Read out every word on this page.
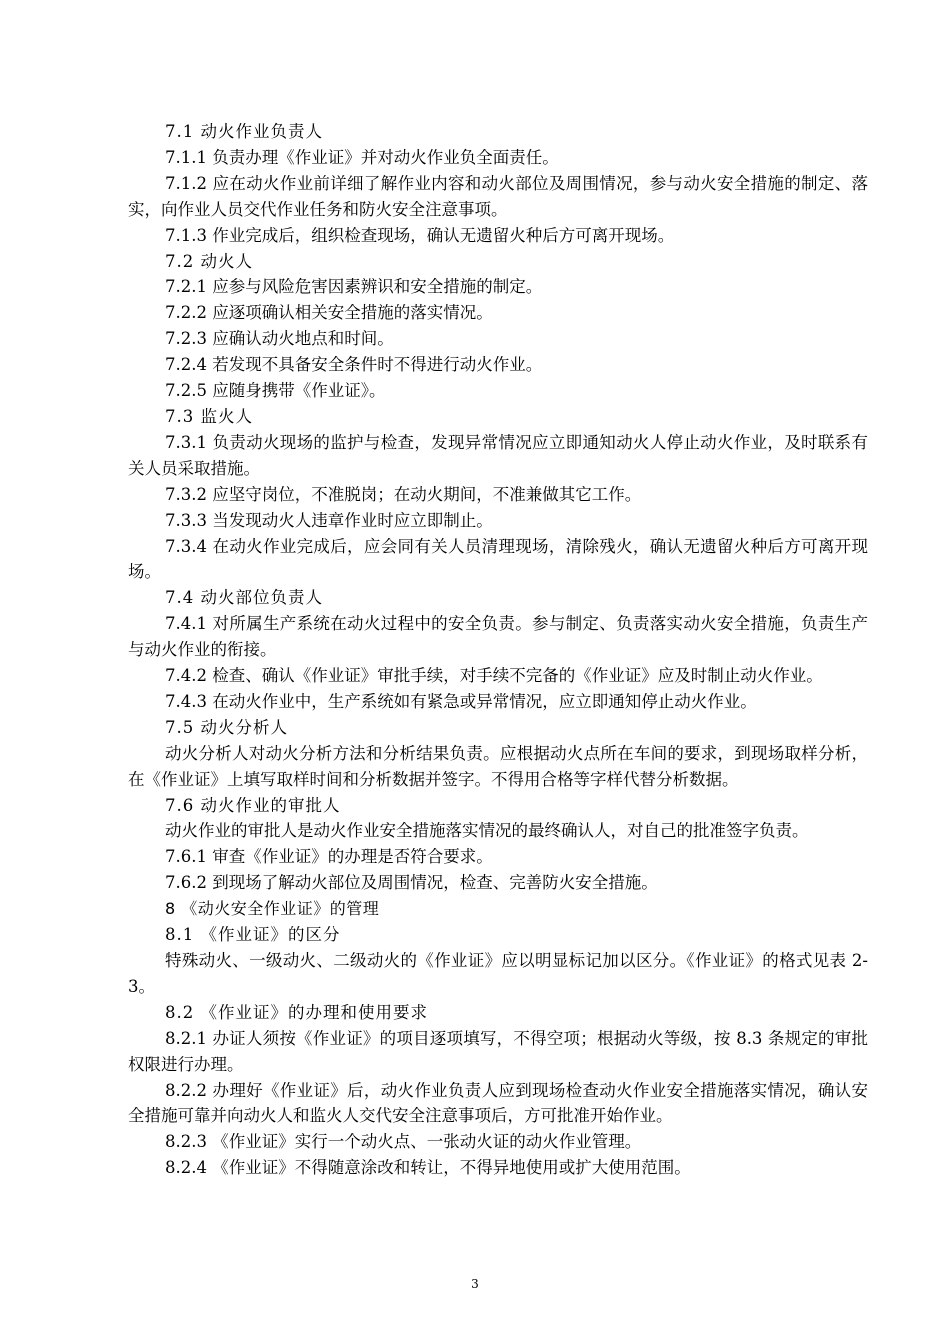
7.1 动火作业负责人

7.1.1 负责办理《作业证》并对动火作业负全面责任。

7.1.2 应在动火作业前详细了解作业内容和动火部位及周围情况，参与动火安全措施的制定、落实，向作业人员交代作业任务和防火安全注意事项。

7.1.3 作业完成后，组织检查现场，确认无遗留火种后方可离开现场。

7.2 动火人

7.2.1 应参与风险危害因素辨识和安全措施的制定。

7.2.2 应逐项确认相关安全措施的落实情况。

7.2.3 应确认动火地点和时间。

7.2.4 若发现不具备安全条件时不得进行动火作业。

7.2.5 应随身携带《作业证》。

7.3 监火人

7.3.1 负责动火现场的监护与检查，发现异常情况应立即通知动火人停止动火作业，及时联系有关人员采取措施。

7.3.2 应坚守岗位，不准脱岗；在动火期间，不准兼做其它工作。

7.3.3 当发现动火人违章作业时应立即制止。

7.3.4 在动火作业完成后，应会同有关人员清理现场，清除残火，确认无遗留火种后方可离开现场。

7.4 动火部位负责人

7.4.1 对所属生产系统在动火过程中的安全负责。参与制定、负责落实动火安全措施，负责生产与动火作业的衔接。

7.4.2 检查、确认《作业证》审批手续，对手续不完备的《作业证》应及时制止动火作业。

7.4.3 在动火作业中，生产系统如有紧急或异常情况，应立即通知停止动火作业。

7.5 动火分析人

动火分析人对动火分析方法和分析结果负责。应根据动火点所在车间的要求，到现场取样分析，在《作业证》上填写取样时间和分析数据并签字。不得用合格等字样代替分析数据。

7.6 动火作业的审批人

动火作业的审批人是动火作业安全措施落实情况的最终确认人，对自己的批准签字负责。

7.6.1 审查《作业证》的办理是否符合要求。

7.6.2 到现场了解动火部位及周围情况，检查、完善防火安全措施。

8 《动火安全作业证》的管理

8.1 《作业证》的区分

特殊动火、一级动火、二级动火的《作业证》应以明显标记加以区分。《作业证》的格式见表 2-3。

8.2 《作业证》的办理和使用要求

8.2.1 办证人须按《作业证》的项目逐项填写，不得空项；根据动火等级，按 8.3 条规定的审批权限进行办理。

8.2.2 办理好《作业证》后，动火作业负责人应到现场检查动火作业安全措施落实情况，确认安全措施可靠并向动火人和监火人交代安全注意事项后，方可批准开始作业。

8.2.3 《作业证》实行一个动火点、一张动火证的动火作业管理。

8.2.4 《作业证》不得随意涂改和转让，不得异地使用或扩大使用范围。

3
